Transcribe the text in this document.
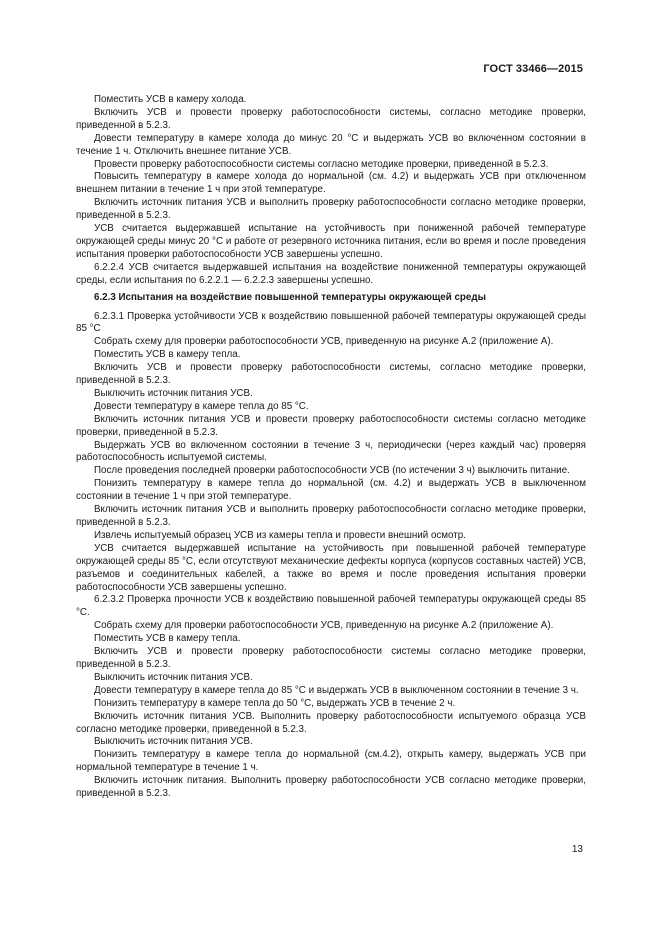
ГОСТ 33466—2015

Поместить УСВ в камеру холода.

Включить УСВ и провести проверку работоспособности системы, согласно методике проверки, приведенной в 5.2.3.

Довести температуру в камере холода до минус 20 °С и выдержать УСВ во включенном состоянии в течение 1 ч. Отключить внешнее питание УСВ.

Провести проверку работоспособности системы согласно методике проверки, приведенной в 5.2.3.

Повысить температуру в камере холода до нормальной (см. 4.2) и выдержать УСВ при отключенном внешнем питании в течение 1 ч при этой температуре.

Включить источник питания УСВ и выполнить проверку работоспособности согласно методике проверки, приведенной в 5.2.3.

УСВ считается выдержавшей испытание на устойчивость при пониженной рабочей температуре окружающей среды минус 20 °С и работе от резервного источника питания, если во время и после проведения испытания проверки работоспособности УСВ завершены успешно.

6.2.2.4 УСВ считается выдержавшей испытания на воздействие пониженной температуры окружающей среды, если испытания по 6.2.2.1 — 6.2.2.3 завершены успешно.

6.2.3 Испытания на воздействие повышенной температуры окружающей среды

6.2.3.1 Проверка устойчивости УСВ к воздействию повышенной рабочей температуры окружающей среды 85 °С

Собрать схему для проверки работоспособности УСВ, приведенную на рисунке А.2 (приложение А).

Поместить УСВ в камеру тепла.

Включить УСВ и провести проверку работоспособности системы, согласно методике проверки, приведенной в 5.2.3.

Выключить источник питания УСВ.

Довести температуру в камере тепла до 85 °С.

Включить источник питания УСВ и провести проверку работоспособности системы согласно методике проверки, приведенной в 5.2.3.

Выдержать УСВ во включенном состоянии в течение 3 ч, периодически (через каждый час) проверяя работоспособность испытуемой системы.

После проведения последней проверки работоспособности УСВ (по истечении 3 ч) выключить питание.

Понизить температуру в камере тепла до нормальной (см. 4.2) и выдержать УСВ в выключенном состоянии в течение 1 ч при этой температуре.

Включить источник питания УСВ и выполнить проверку работоспособности согласно методике проверки, приведенной в 5.2.3.

Извлечь испытуемый образец УСВ из камеры тепла и провести внешний осмотр.

УСВ считается выдержавшей испытание на устойчивость при повышенной рабочей температуре окружающей среды 85 °С, если отсутствуют механические дефекты корпуса (корпусов составных частей) УСВ, разъемов и соединительных кабелей, а также во время и после проведения испытания проверки работоспособности УСВ завершены успешно.

6.2.3.2 Проверка прочности УСВ к воздействию повышенной рабочей температуры окружающей среды 85 °С.

Собрать схему для проверки работоспособности УСВ, приведенную на рисунке А.2 (приложение А).

Поместить УСВ в камеру тепла.

Включить УСВ и провести проверку работоспособности системы согласно методике проверки, приведенной в 5.2.3.

Выключить источник питания УСВ.

Довести температуру в камере тепла до 85 °С и выдержать УСВ в выключенном состоянии в течение 3 ч.

Понизить температуру в камере тепла до 50 °С, выдержать УСВ в течение 2 ч.

Включить источник питания УСВ. Выполнить проверку работоспособности испытуемого образца УСВ согласно методике проверки, приведенной в 5.2.3.

Выключить источник питания УСВ.

Понизить температуру в камере тепла до нормальной (см.4.2), открыть камеру, выдержать УСВ при нормальной температуре в течение 1 ч.

Включить источник питания. Выполнить проверку работоспособности УСВ согласно методике проверки, приведенной в 5.2.3.

13
